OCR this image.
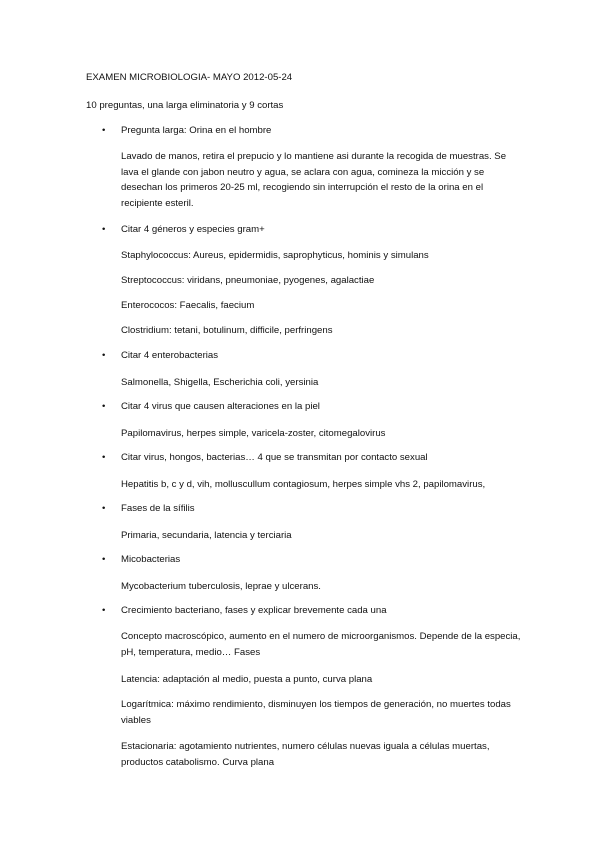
EXAMEN MICROBIOLOGIA- MAYO 2012-05-24
10 preguntas, una larga eliminatoria y 9 cortas
• Pregunta larga: Orina en el hombre
Lavado de manos, retira el prepucio y lo mantiene asi durante la recogida de muestras. Se lava el glande con jabon neutro y agua, se aclara con agua, comineza la micción y se desechan los primeros 20-25 ml, recogiendo sin interrupción el resto de la orina en el recipiente esteril.
• Citar 4 géneros y especies gram+
Staphylococcus: Aureus, epidermidis, saprophyticus, hominis y simulans
Streptococcus: viridans, pneumoniae, pyogenes, agalactiae
Enterococos: Faecalis, faecium
Clostridium: tetani, botulinum, difficile, perfringens
• Citar 4 enterobacterias
Salmonella, Shigella, Escherichia coli, yersinia
• Citar 4 virus que causen alteraciones en la piel
Papilomavirus, herpes simple, varicela-zoster, citomegalovirus
• Citar virus, hongos, bacterias… 4 que se transmitan por contacto sexual
Hepatitis b, c y d, vih, molluscullum contagiosum, herpes simple vhs 2, papilomavirus,
• Fases de la sífilis
Primaria, secundaria, latencia y terciaria
• Micobacterias
Mycobacterium tuberculosis, leprae y ulcerans.
• Crecimiento bacteriano, fases y explicar brevemente cada una
Concepto macroscópico, aumento en el numero de microorganismos. Depende de la especia, pH, temperatura, medio… Fases
Latencia: adaptación al medio, puesta a punto, curva plana
Logarítmica: máximo rendimiento, disminuyen los tiempos de generación, no muertes todas viables
Estacionaria: agotamiento nutrientes, numero células nuevas iguala a células muertas, productos catabolismo. Curva plana
